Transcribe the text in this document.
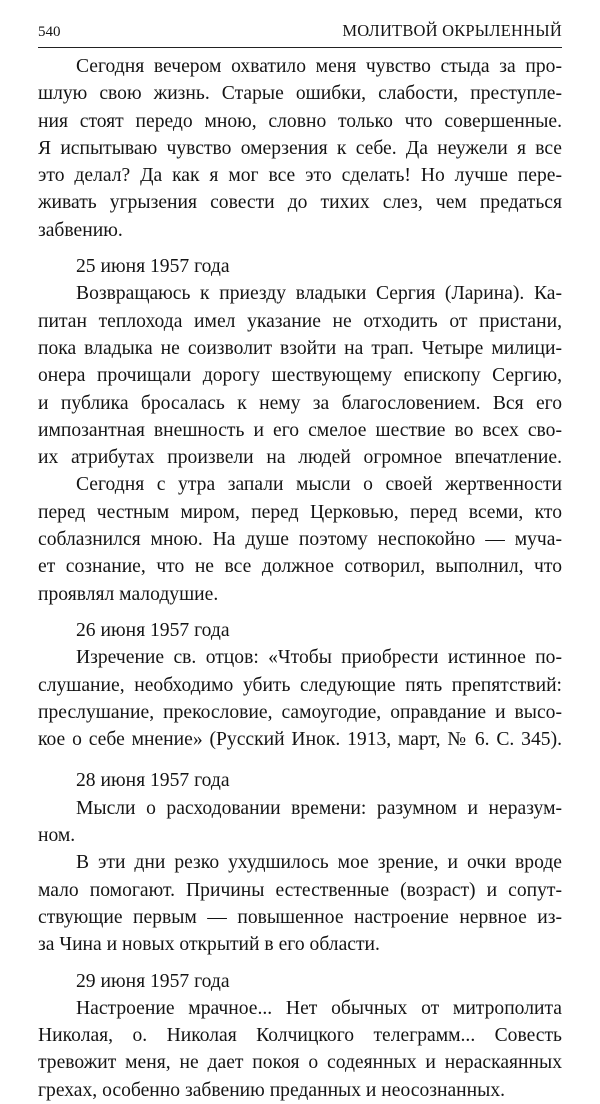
540	МОЛИТВОЙ ОКРЫЛЕННЫЙ

Сегодня вечером охватило меня чувство стыда за про-
шлую свою жизнь. Старые ошибки, слабости, преступле-
ния стоят передо мною, словно только что совершенные.
Я испытываю чувство омерзения к себе. Да неужели я все
это делал? Да как я мог все это сделать! Но лучше пере-
живать угрызения совести до тихих слез, чем предаться
забвению.

25 июня 1957 года

Возвращаюсь к приезду владыки Сергия (Ларина). Ка-
питан теплохода имел указание не отходить от пристани,
пока владыка не соизволит взойти на трап. Четыре милици-
онера прочищали дорогу шествующему епископу Сергию,
и публика бросалась к нему за благословением. Вся его
импозантная внешность и его смелое шествие во всех сво-
их атрибутах произвели на людей огромное впечатление.

Сегодня с утра запали мысли о своей жертвенности
перед честным миром, перед Церковью, перед всеми, кто
соблазнился мною. На душе поэтому неспокойно — муча-
ет сознание, что не все должное сотворил, выполнил, что
проявлял малодушие.

26 июня 1957 года

Изречение св. отцов: «Чтобы приобрести истинное по-
слушание, необходимо убить следующие пять препятствий:
преслушание, прекословие, самоугодие, оправдание и высо-
кое о себе мнение» (Русский Инок. 1913, март, № 6. С. 345).

28 июня 1957 года

Мысли о расходовании времени: разумном и неразум-
ном.

В эти дни резко ухудшилось мое зрение, и очки вроде
мало помогают. Причины естественные (возраст) и сопут-
ствующие первым — повышенное настроение нервное из-
за Чина и новых открытий в его области.

29 июня 1957 года

Настроение мрачное... Нет обычных от митрополита
Николая, о. Николая Колчицкого телеграмм... Совесть
тревожит меня, не дает покоя о содеянных и нераскаянных
грехах, особенно забвению преданных и неосознанных.
